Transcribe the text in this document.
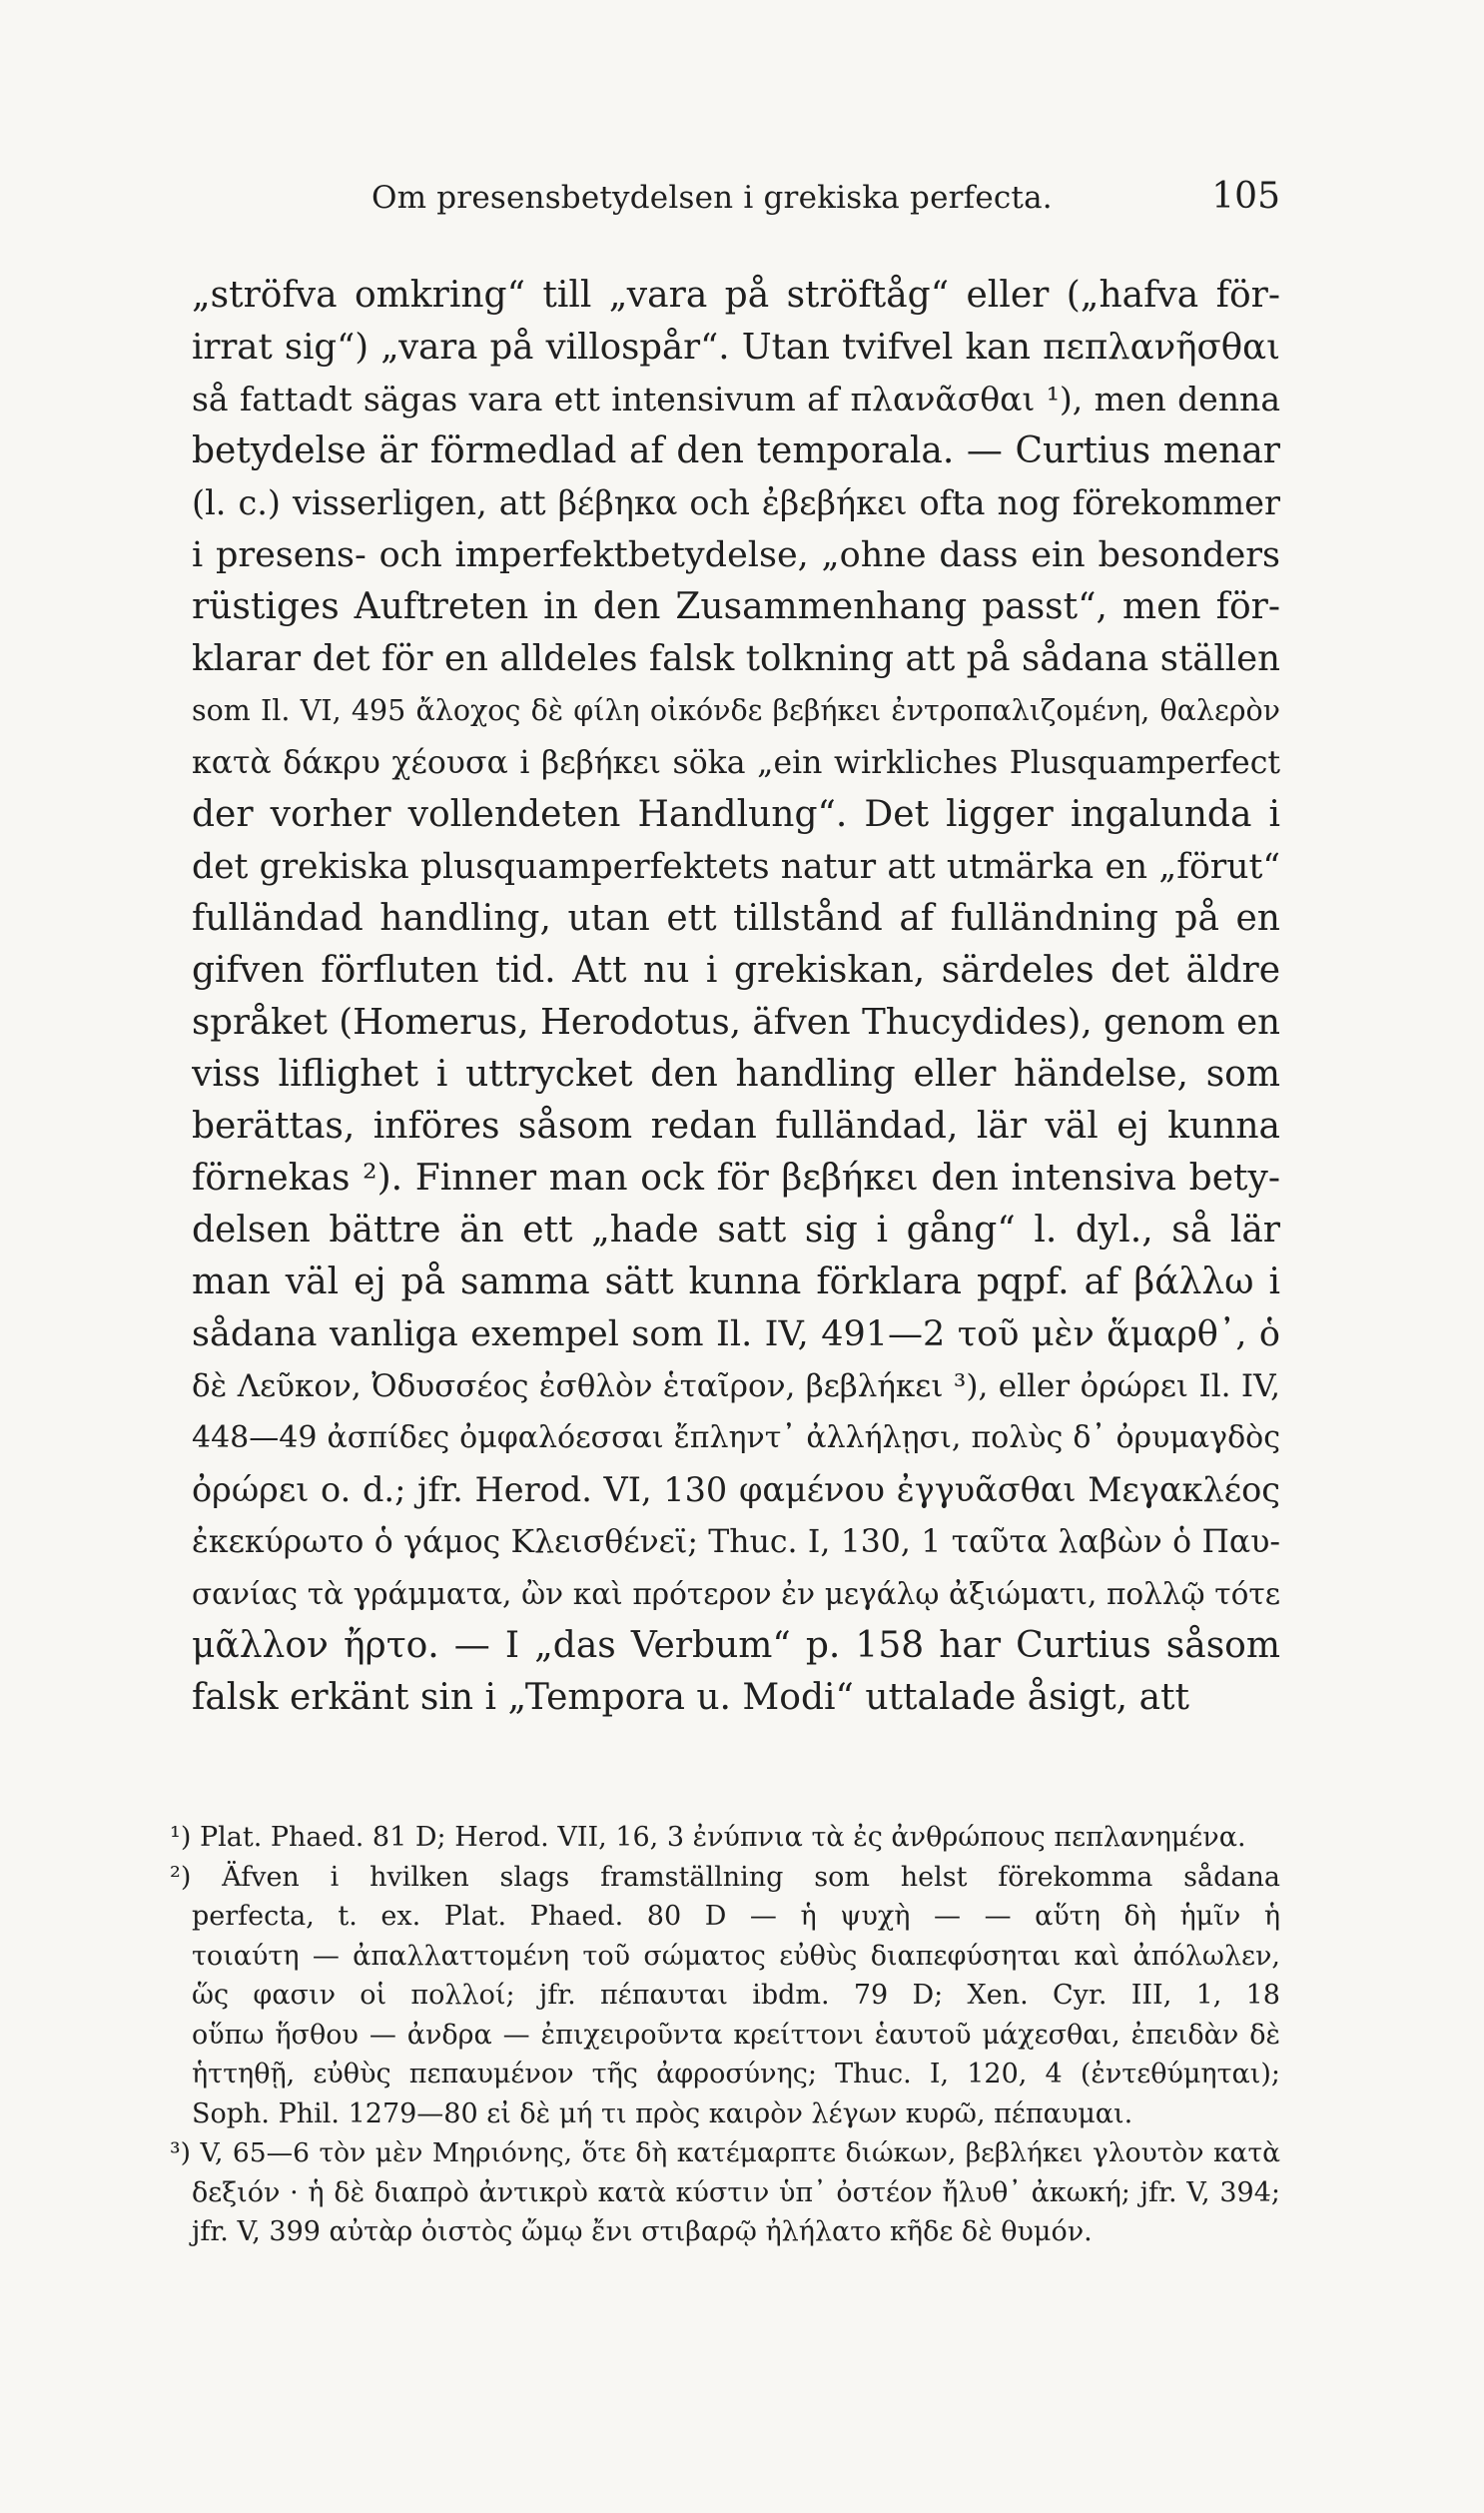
Om presensbetydelsen i grekiska perfecta.	105
„ströfva omkring“ till „vara på ströftåg“ eller („hafva för-
irrat sig“) „vara på villospår“. Utan tvifvel kan πεπλανῆσθαι
så fattadt sägas vara ett intensivum af πλανᾶσθαι ¹), men denna
betydelse är förmedlad af den temporala. — Curtius menar
(l. c.) visserligen, att βέβηκα och ἐβεβήκει ofta nog förekommer
i presens- och imperfektbetydelse, „ohne dass ein besonders
rüstiges Auftreten in den Zusammenhang passt“, men för-
klarar det för en alldeles falsk tolkning att på sådana ställen
som Il. VI, 495 ἄλοχος δὲ φίλη οἰκόνδε βεβήκει ἐντροπαλιζομένη, θαλερὸν
κατὰ δάκρυ χέουσα i βεβήκει söka „ein wirkliches Plusquamperfect
der vorher vollendeten Handlung“. Det ligger ingalunda i
det grekiska plusquamperfektets natur att utmärka en „förut“
fulländad handling, utan ett tillstånd af fulländning på en
gifven förfluten tid. Att nu i grekiskan, särdeles det äldre
språket (Homerus, Herodotus, äfven Thucydides), genom en
viss liflighet i uttrycket den handling eller händelse, som
berättas, införes såsom redan fulländad, lär väl ej kunna
förnekas ²). Finner man ock för βεβήκει den intensiva bety-
delsen bättre än ett „hade satt sig i gång“ l. dyl., så lär
man väl ej på samma sätt kunna förklara pqpf. af βάλλω i
sådana vanliga exempel som Il. IV, 491—2 τοῦ μὲν ἅμαρθ᾽, ὁ
δὲ Λεῦκον, Ὀδυσσέος ἐσθλὸν ἑταῖρον, βεβλήκει ³), eller ὀρώρει Il. IV,
448—49 ἀσπίδες ὀμφαλόεσσαι ἔπληντ᾽ ἀλλήλῃσι, πολὺς δ᾽ ὀρυμαγδὸς
ὀρώρει o. d.; jfr. Herod. VI, 130 φαμένου ἐγγυᾶσθαι Μεγακλέος
ἐκεκύρωτο ὁ γάμος Κλεισθένεϊ; Thuc. I, 130, 1 ταῦτα λαβὼν ὁ Παυ-
σανίας τὰ γράμματα, ὢν καὶ πρότερον ἐν μεγάλῳ ἀξιώματι, πολλῷ τότε
μᾶλλον ἤρτο. — I „das Verbum“ p. 158 har Curtius såsom
falsk erkänt sin i „Tempora u. Modi“ uttalade åsigt, att
¹) Plat. Phaed. 81 D; Herod. VII, 16, 3 ἐνύπνια τὰ ἐς ἀνθρώπους πεπλανημένα.
²) Äfven i hvilken slags framställning som helst förekomma sådana
perfecta, t. ex. Plat. Phaed. 80 D — ἡ ψυχὴ — — αὕτη δὴ ἡμῖν ἡ
τοιαύτη — ἀπαλλαττομένη τοῦ σώματος εὐθὺς διαπεφύσηται καὶ ἀπόλωλεν,
ὥς φασιν οἱ πολλοί; jfr. πέπαυται ibdm. 79 D; Xen. Cyr. III, 1, 18
οὕπω ἥσθου — ἀνδρα — ἐπιχειροῦντα κρείττονι ἑαυτοῦ μάχεσθαι, ἐπειδὰν δὲ
ἡττηθῇ, εὐθὺς πεπαυμένον τῆς ἀφροσύνης; Thuc. I, 120, 4 (ἐντεθύμηται);
Soph. Phil. 1279—80 εἰ δὲ μή τι πρὸς καιρὸν λέγων κυρῶ, πέπαυμαι.
³) V, 65—6 τὸν μὲν Μηριόνης, ὅτε δὴ κατέμαρπτε διώκων, βεβλήκει γλουτὸν κατὰ
δεξιόν · ἡ δὲ διαπρὸ ἀντικρὺ κατὰ κύστιν ὑπ᾽ ὀστέον ἤλυθ᾽ ἀκωκή; jfr. V, 394;
jfr. V, 399 αὐτὰρ ὀιστὸς ὤμῳ ἔνι στιβαρῷ ἠλήλατο κῆδε δὲ θυμόν.
